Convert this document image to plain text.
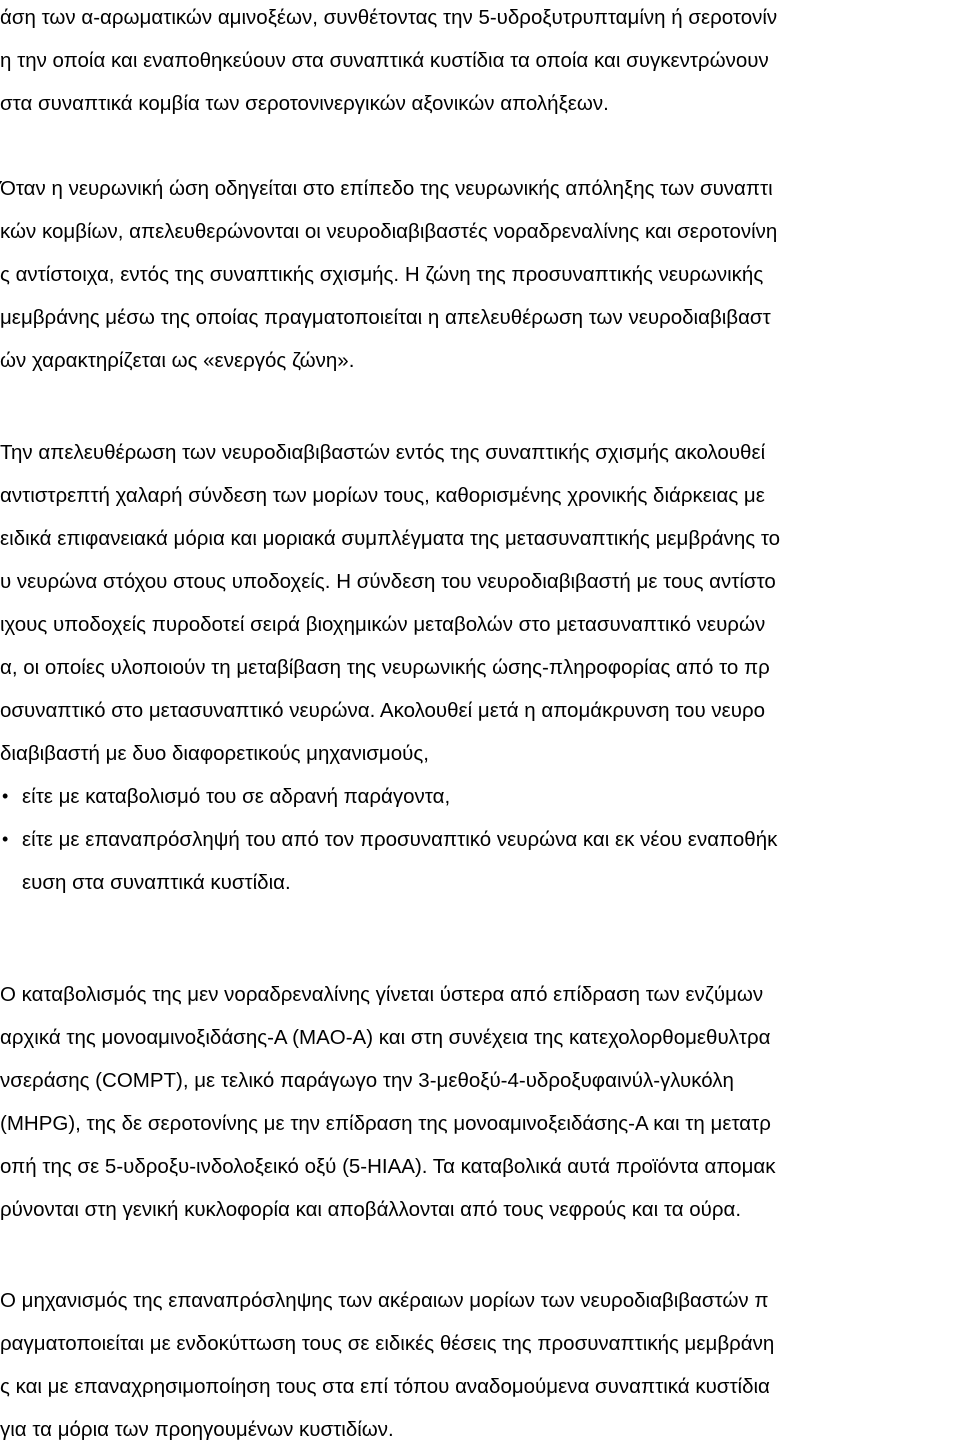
άση των α-αρωματικών αμινοξέων, συνθέτοντας την 5-υδροξυτρυπταμίνη ή σεροτονίν
η την οποία και εναποθηκεύουν στα συναπτικά κυστίδια τα οποία και συγκεντρώνουν
στα συναπτικά κομβία των σεροτονινεργικών αξονικών απολήξεων.
Όταν η νευρωνική ώση οδηγείται στο επίπεδο της νευρωνικής απόληξης των συναπτι
κών κομβίων, απελευθερώνονται οι νευροδιαβιβαστές νοραδρεναλίνης και σεροτονίνη
ς αντίστοιχα, εντός της συναπτικής σχισμής. Η ζώνη της προσυναπτικής νευρωνικής
μεμβράνης μέσω της οποίας πραγματοποιείται η απελευθέρωση των νευροδιαβιβαστ
ών χαρακτηρίζεται ως «ενεργός ζώνη».
Την απελευθέρωση των νευροδιαβιβαστών εντός της συναπτικής σχισμής ακολουθεί
αντιστρεπτή χαλαρή σύνδεση των μορίων τους, καθορισμένης χρονικής διάρκειας με
ειδικά επιφανειακά μόρια και μοριακά συμπλέγματα της μετασυναπτικής μεμβράνης το
υ νευρώνα στόχου στους υποδοχείς. Η σύνδεση του νευροδιαβιβαστή με τους αντίστο
ιχους υποδοχείς πυροδοτεί σειρά βιοχημικών μεταβολών στο μετασυναπτικό νευρών
α, οι οποίες υλοποιούν τη μεταβίβαση της νευρωνικής ώσης-πληροφορίας από το πρ
οσυναπτικό στο μετασυναπτικό νευρώνα. Ακολουθεί μετά η απομάκρυνση του νευρο
διαβιβαστή με δυο διαφορετικούς μηχανισμούς,
• είτε με καταβολισμό του σε αδρανή παράγοντα,
• είτε με επαναπρόσληψή του από τον προσυναπτικό νευρώνα και εκ νέου εναποθήκ
ευση στα συναπτικά κυστίδια.
Ο καταβολισμός της μεν νοραδρεναλίνης γίνεται ύστερα από επίδραση των ενζύμων
αρχικά της μονοαμινοξιδάσης-Α (MAO-A) και στη συνέχεια της κατεχολορθομεθυλτρα
νσεράσης (COMPT), με τελικό παράγωγο την 3-μεθοξύ-4-υδροξυφαινύλ-γλυκόλη
(MHPG), της δε σεροτονίνης με την επίδραση της μονοαμινοξειδάσης-Α και τη μετατρ
οπή της σε 5-υδροξυ-ινδολοξεικό οξύ (5-HIAA). Τα καταβολικά αυτά προϊόντα απομακ
ρύνονται στη γενική κυκλοφορία και αποβάλλονται από τους νεφρούς και τα ούρα.
Ο μηχανισμός της επαναπρόσληψης των ακέραιων μορίων των νευροδιαβιβαστών π
ραγματοποιείται με ενδοκύττωση τους σε ειδικές θέσεις της προσυναπτικής μεμβράνη
ς και με επαναχρησιμοποίηση τους στα επί τόπου αναδομούμενα συναπτικά κυστίδια
για τα μόρια των προηγουμένων κυστιδίων.
